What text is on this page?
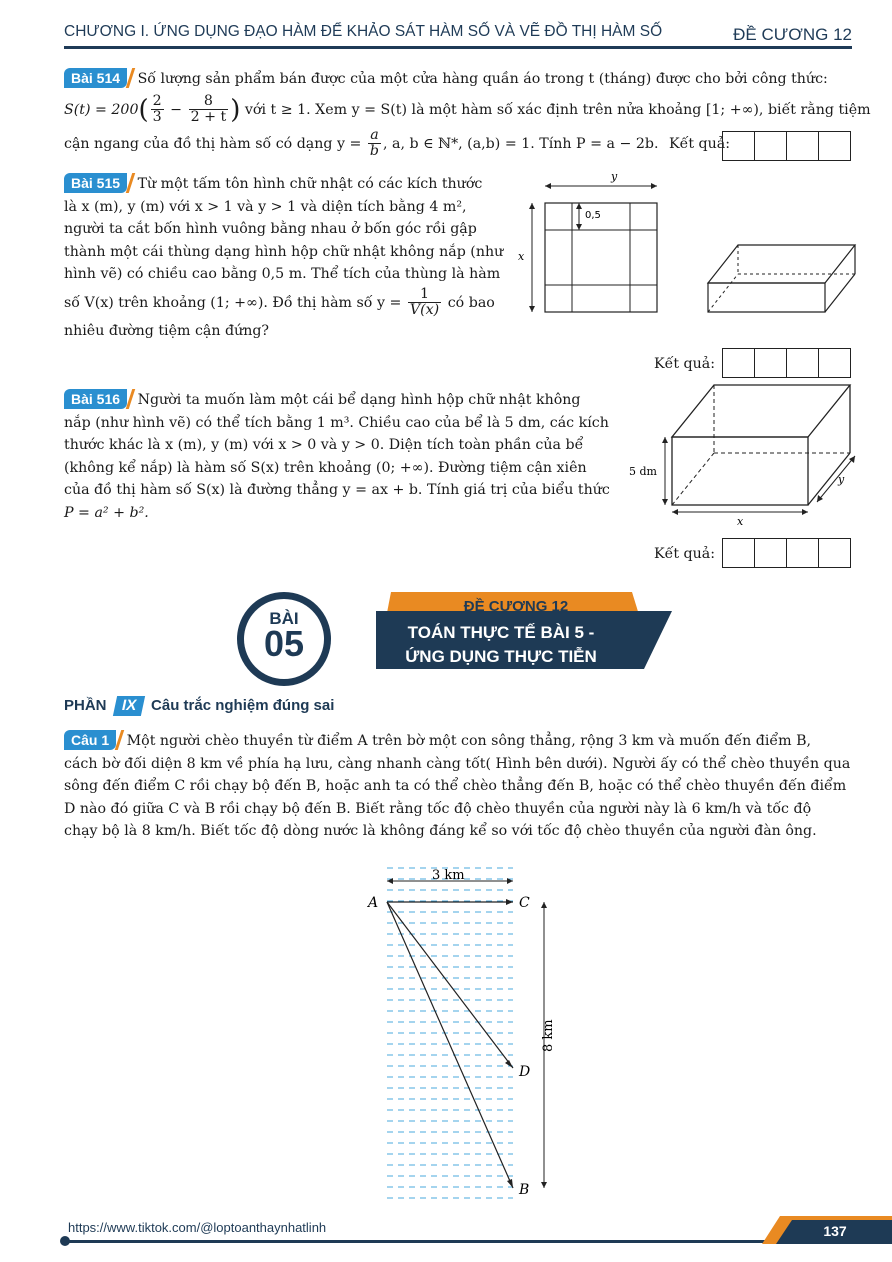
CHƯƠNG I. ỨNG DỤNG ĐẠO HÀM ĐỂ KHẢO SÁT HÀM SỐ VÀ VẼ ĐỒ THỊ HÀM SỐ	ĐỀ CƯƠNG 12
Bài 514 Số lượng sản phẩm bán được của một cửa hàng quần áo trong t (tháng) được cho bởi công thức:
$S(t) = 200( \frac{2}{3} - \frac{8}{2 + t}$ ) với t ≥ 1. Xem y = S(t) là một hàm số xác định trên nửa khoảng [1; +∞), biết rằng tiệm
cận ngang của đồ thị hàm số có dạng $y = \frac{a}{b}$ , a, b ∈ ℕ*, (a,b) = 1. Tính P = a − 2b. Kết quả:
Bài 515 Từ một tấm tôn hình chữ nhật có các kích thước
là x (m), y (m) với x > 1 và y > 1 và diện tích bằng 4 m²,
người ta cắt bốn hình vuông bằng nhau ở bốn góc rồi gập
thành một cái thùng dạng hình hộp chữ nhật không nắp (như
hình vẽ) có chiều cao bằng 0,5 m. Thể tích của thùng là hàm
số V(x) trên khoảng (1; +∞). Đồ thị hàm số $y = \frac{1}{V(x)}$ có bao
nhiêu đường tiệm cận đứng?
y
x
0,5
Kết quả:
Bài 516 Người ta muốn làm một cái bể dạng hình hộp chữ nhật không
nắp (như hình vẽ) có thể tích bằng 1 m³. Chiều cao của bể là 5 dm, các kích
thước khác là x (m), y (m) với x > 0 và y > 0. Diện tích toàn phần của bể
(không kể nắp) là hàm số S(x) trên khoảng (0; +∞). Đường tiệm cận xiên
của đồ thị hàm số S(x) là đường thẳng y = ax + b. Tính giá trị của biểu thức
P = a² + b².
5 dm
x
y
Kết quả:
BÀI
05
ĐỀ CƯƠNG 12
TOÁN THỰC TẾ BÀI 5 -
ỨNG DỤNG THỰC TIỄN
PHẦN IX Câu trắc nghiệm đúng sai
Câu 1 Một người chèo thuyền từ điểm A trên bờ một con sông thẳng, rộng 3 km và muốn đến điểm B,
cách bờ đối diện 8 km về phía hạ lưu, càng nhanh càng tốt( Hình bên dưới). Người ấy có thể chèo thuyền qua
sông đến điểm C rồi chạy bộ đến B, hoặc anh ta có thể chèo thẳng đến B, hoặc có thể chèo thuyền đến điểm
D nào đó giữa C và B rồi chạy bộ đến B. Biết rằng tốc độ chèo thuyền của người này là 6 km/h và tốc độ
chạy bộ là 8 km/h. Biết tốc độ dòng nước là không đáng kể so với tốc độ chèo thuyền của người đàn ông.
3 km
8 km
A	C
D
B
https://www.tiktok.com/@loptoanthaynhatlinh	137
